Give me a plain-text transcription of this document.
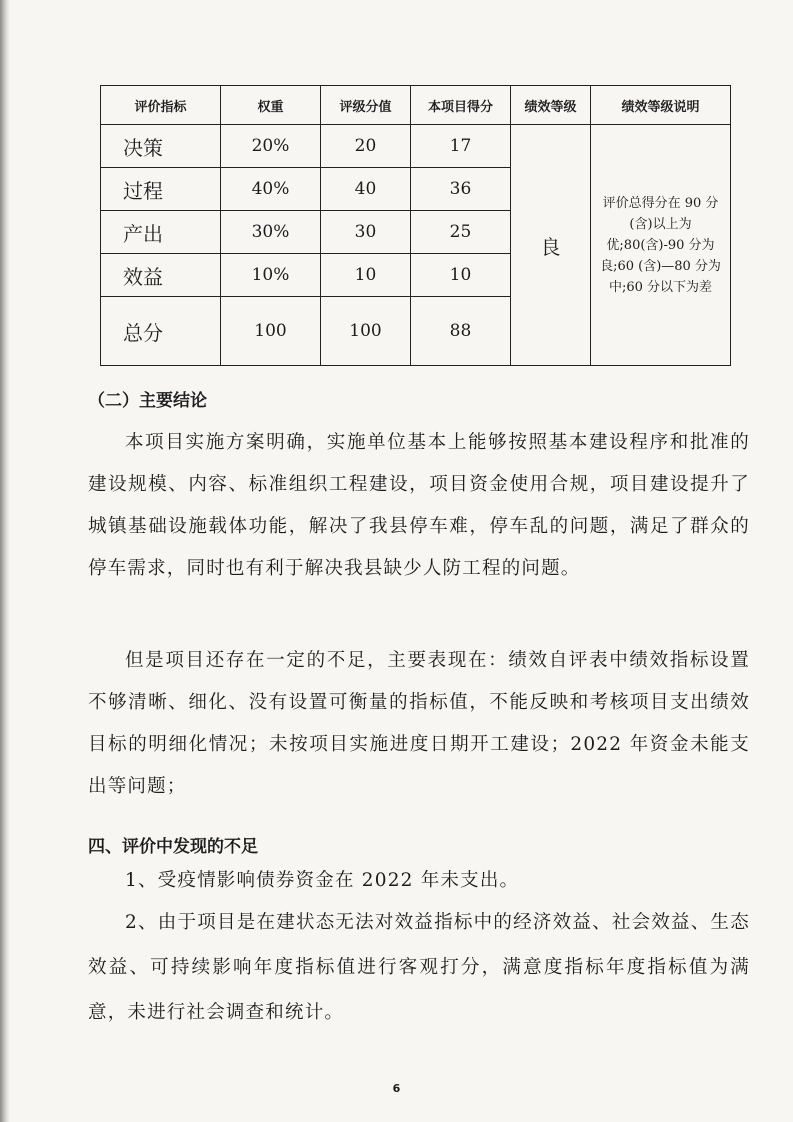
评价指标	权重	评级分值	本项目得分	绩效等级	绩效等级说明
决策	20%	20	17	良	评价总得分在 90 分(含)以上为优;80(含)-90 分为良;60 (含)—80 分为中;60 分以下为差
过程	40%	40	36		
产出	30%	30	25		
效益	10%	10	10		
总分	100	100	88		
（二）主要结论

本项目实施方案明确，实施单位基本上能够按照基本建设程序和批准的建设规模、内容、标准组织工程建设，项目资金使用合规，项目建设提升了城镇基础设施载体功能，解决了我县停车难，停车乱的问题，满足了群众的停车需求，同时也有利于解决我县缺少人防工程的问题。

但是项目还存在一定的不足，主要表现在：绩效自评表中绩效指标设置不够清晰、细化、没有设置可衡量的指标值，不能反映和考核项目支出绩效目标的明细化情况；未按项目实施进度日期开工建设；2022 年资金未能支出等问题；

四、评价中发现的不足

1、受疫情影响债券资金在 2022 年未支出。

2、由于项目是在建状态无法对效益指标中的经济效益、社会效益、生态效益、可持续影响年度指标值进行客观打分，满意度指标年度指标值为满意，未进行社会调查和统计。

6
